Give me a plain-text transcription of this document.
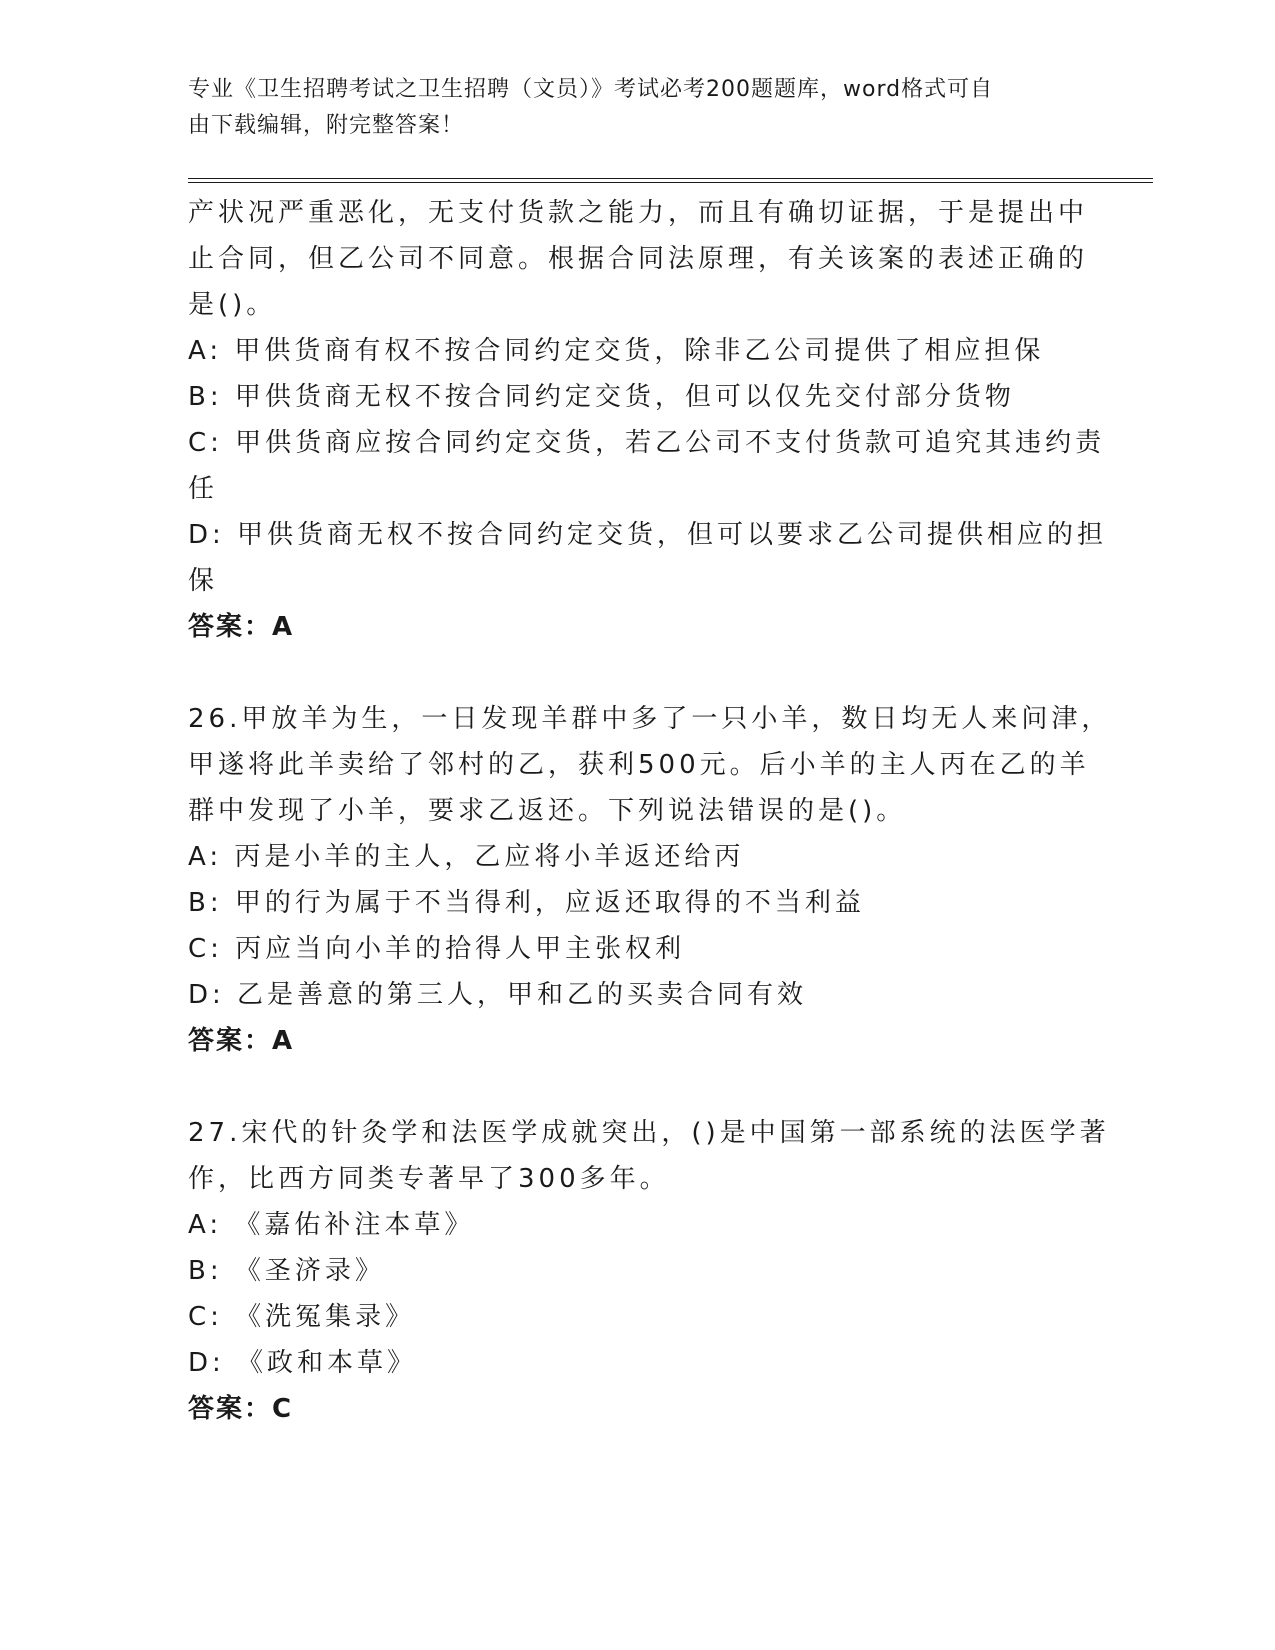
专业《卫生招聘考试之卫生招聘（文员）》考试必考200题题库，word格式可自
由下载编辑，附完整答案！
产状况严重恶化，无支付货款之能力，而且有确切证据，于是提出中
止合同，但乙公司不同意。根据合同法原理，有关该案的表述正确的
是()。
A: 甲供货商有权不按合同约定交货，除非乙公司提供了相应担保
B: 甲供货商无权不按合同约定交货，但可以仅先交付部分货物
C: 甲供货商应按合同约定交货，若乙公司不支付货款可追究其违约责
任
D: 甲供货商无权不按合同约定交货，但可以要求乙公司提供相应的担
保
答案：A
26.甲放羊为生，一日发现羊群中多了一只小羊，数日均无人来问津，
甲遂将此羊卖给了邻村的乙，获利500元。后小羊的主人丙在乙的羊
群中发现了小羊，要求乙返还。下列说法错误的是()。
A: 丙是小羊的主人，乙应将小羊返还给丙
B: 甲的行为属于不当得利，应返还取得的不当利益
C: 丙应当向小羊的拾得人甲主张权利
D: 乙是善意的第三人，甲和乙的买卖合同有效
答案：A
27.宋代的针灸学和法医学成就突出，()是中国第一部系统的法医学著
作，比西方同类专著早了300多年。
A: 《嘉佑补注本草》
B: 《圣济录》
C: 《洗冤集录》
D: 《政和本草》
答案：C
